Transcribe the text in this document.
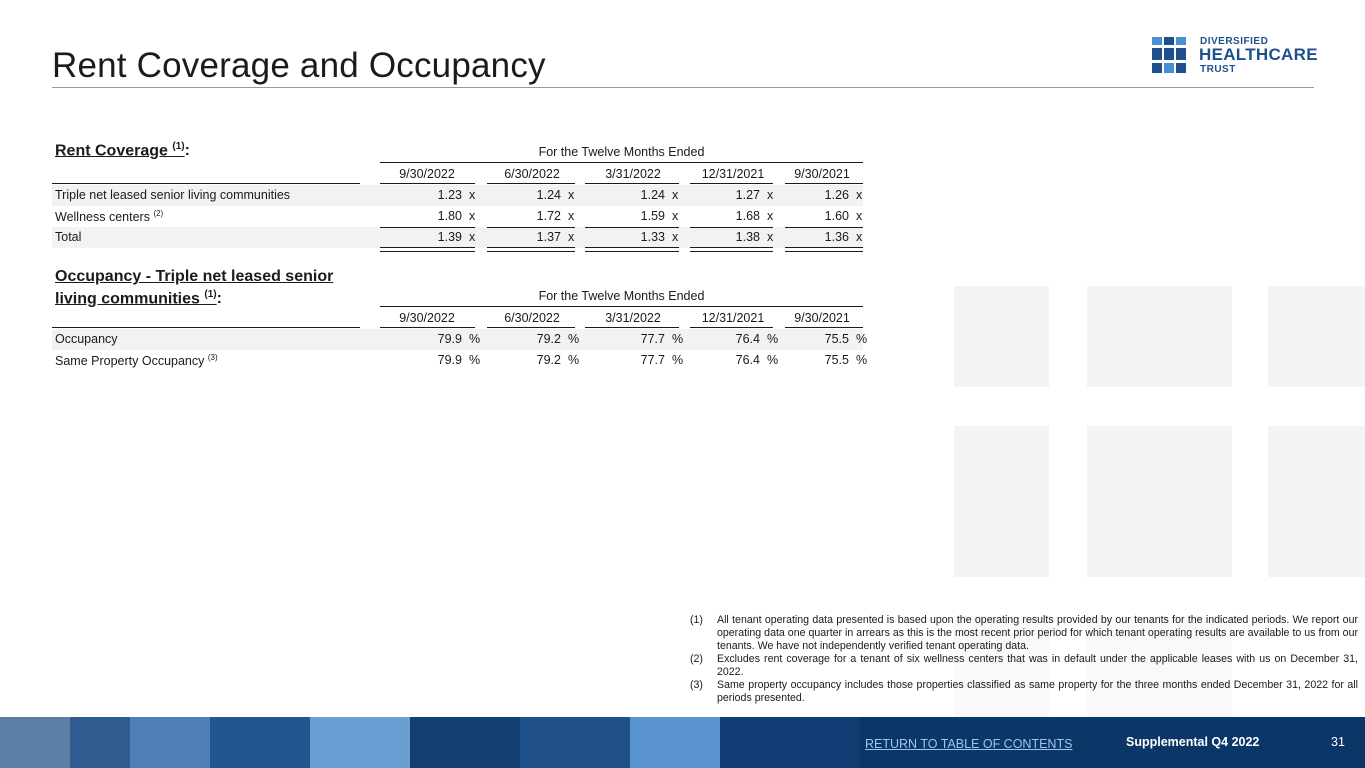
Rent Coverage and Occupancy
DIVERSIFIED
HEALTHCARE
TRUST
Rent Coverage $^{(1)}$:	For the Twelve Months Ended
9/30/2022	6/30/2022	3/31/2022	12/31/2021	9/30/2021
Triple net leased senior living communities	1.23 x	1.24 x	1.24 x	1.27 x	1.26 x
Wellness centers $^{(2)}$	1.80 x	1.72 x	1.59 x	1.68 x	1.60 x
Total	1.39 x	1.37 x	1.33 x	1.38 x	1.36 x
Occupancy - Triple net leased senior
living communities $^{(1)}$:	For the Twelve Months Ended
9/30/2022	6/30/2022	3/31/2022	12/31/2021	9/30/2021
Occupancy	79.9 %	79.2 %	77.7 %	76.4 %	75.5 %
Same Property Occupancy $^{(3)}$	79.9 %	79.2 %	77.7 %	76.4 %	75.5 %
(1) All tenant operating data presented is based upon the operating results provided by our tenants for the indicated periods. We report our operating data one quarter in arrears as this is the most recent prior period for which tenant operating results are available to us from our tenants. We have not independently verified tenant operating data.
(2) Excludes rent coverage for a tenant of six wellness centers that was in default under the applicable leases with us on December 31, 2022.
(3) Same property occupancy includes those properties classified as same property for the three months ended December 31, 2022 for all periods presented.
RETURN TO TABLE OF CONTENTS	Supplemental Q4 2022	31
